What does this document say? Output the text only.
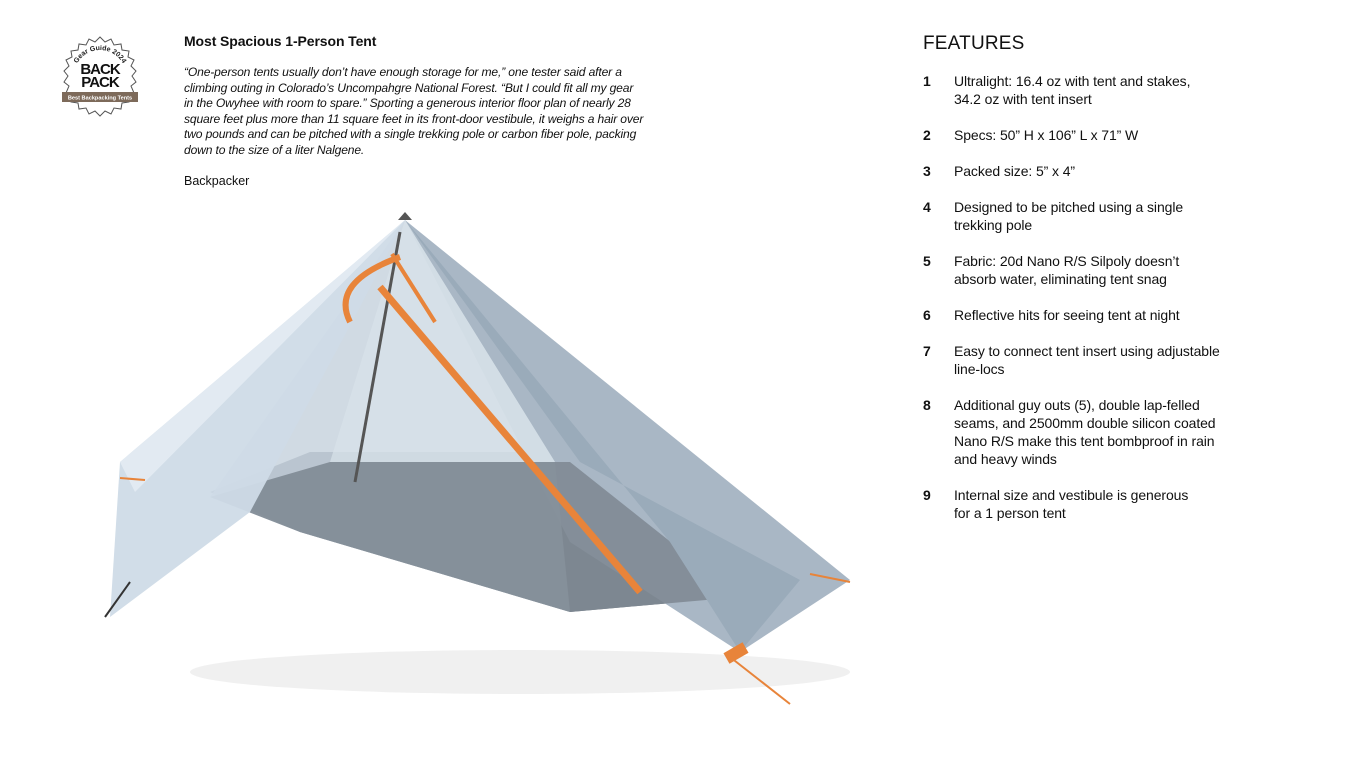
Gear Guide 2024
BACK
PACK
Best Backpacking Tents
Most Spacious 1-Person Tent

“One-person tents usually don’t have enough storage for me,” one tester said after a climbing outing in Colorado’s Uncompahgre National Forest. “But I could fit all my gear in the Owyhee with room to spare.” Sporting a generous interior floor plan of nearly 28 square feet plus more than 11 square feet in its front-door vestibule, it weighs a hair over two pounds and can be pitched with a single trekking pole or carbon fiber pole, packing down to the size of a liter Nalgene.

Backpacker
FEATURES
1	Ultralight: 16.4 oz with tent and stakes,
34.2 oz with tent insert
2	Specs: 50” H x 106” L x 71” W
3	Packed size: 5” x 4”
4	Designed to be pitched using a single
trekking pole
5	Fabric: 20d Nano R/S Silpoly doesn’t
absorb water, eliminating tent snag
6	Reflective hits for seeing tent at night
7	Easy to connect tent insert using adjustable
line-locs
8	Additional guy outs (5), double lap-felled
seams, and 2500mm double silicon coated
Nano R/S make this tent bombproof in rain
and heavy winds
9	Internal size and vestibule is generous
for a 1 person tent
